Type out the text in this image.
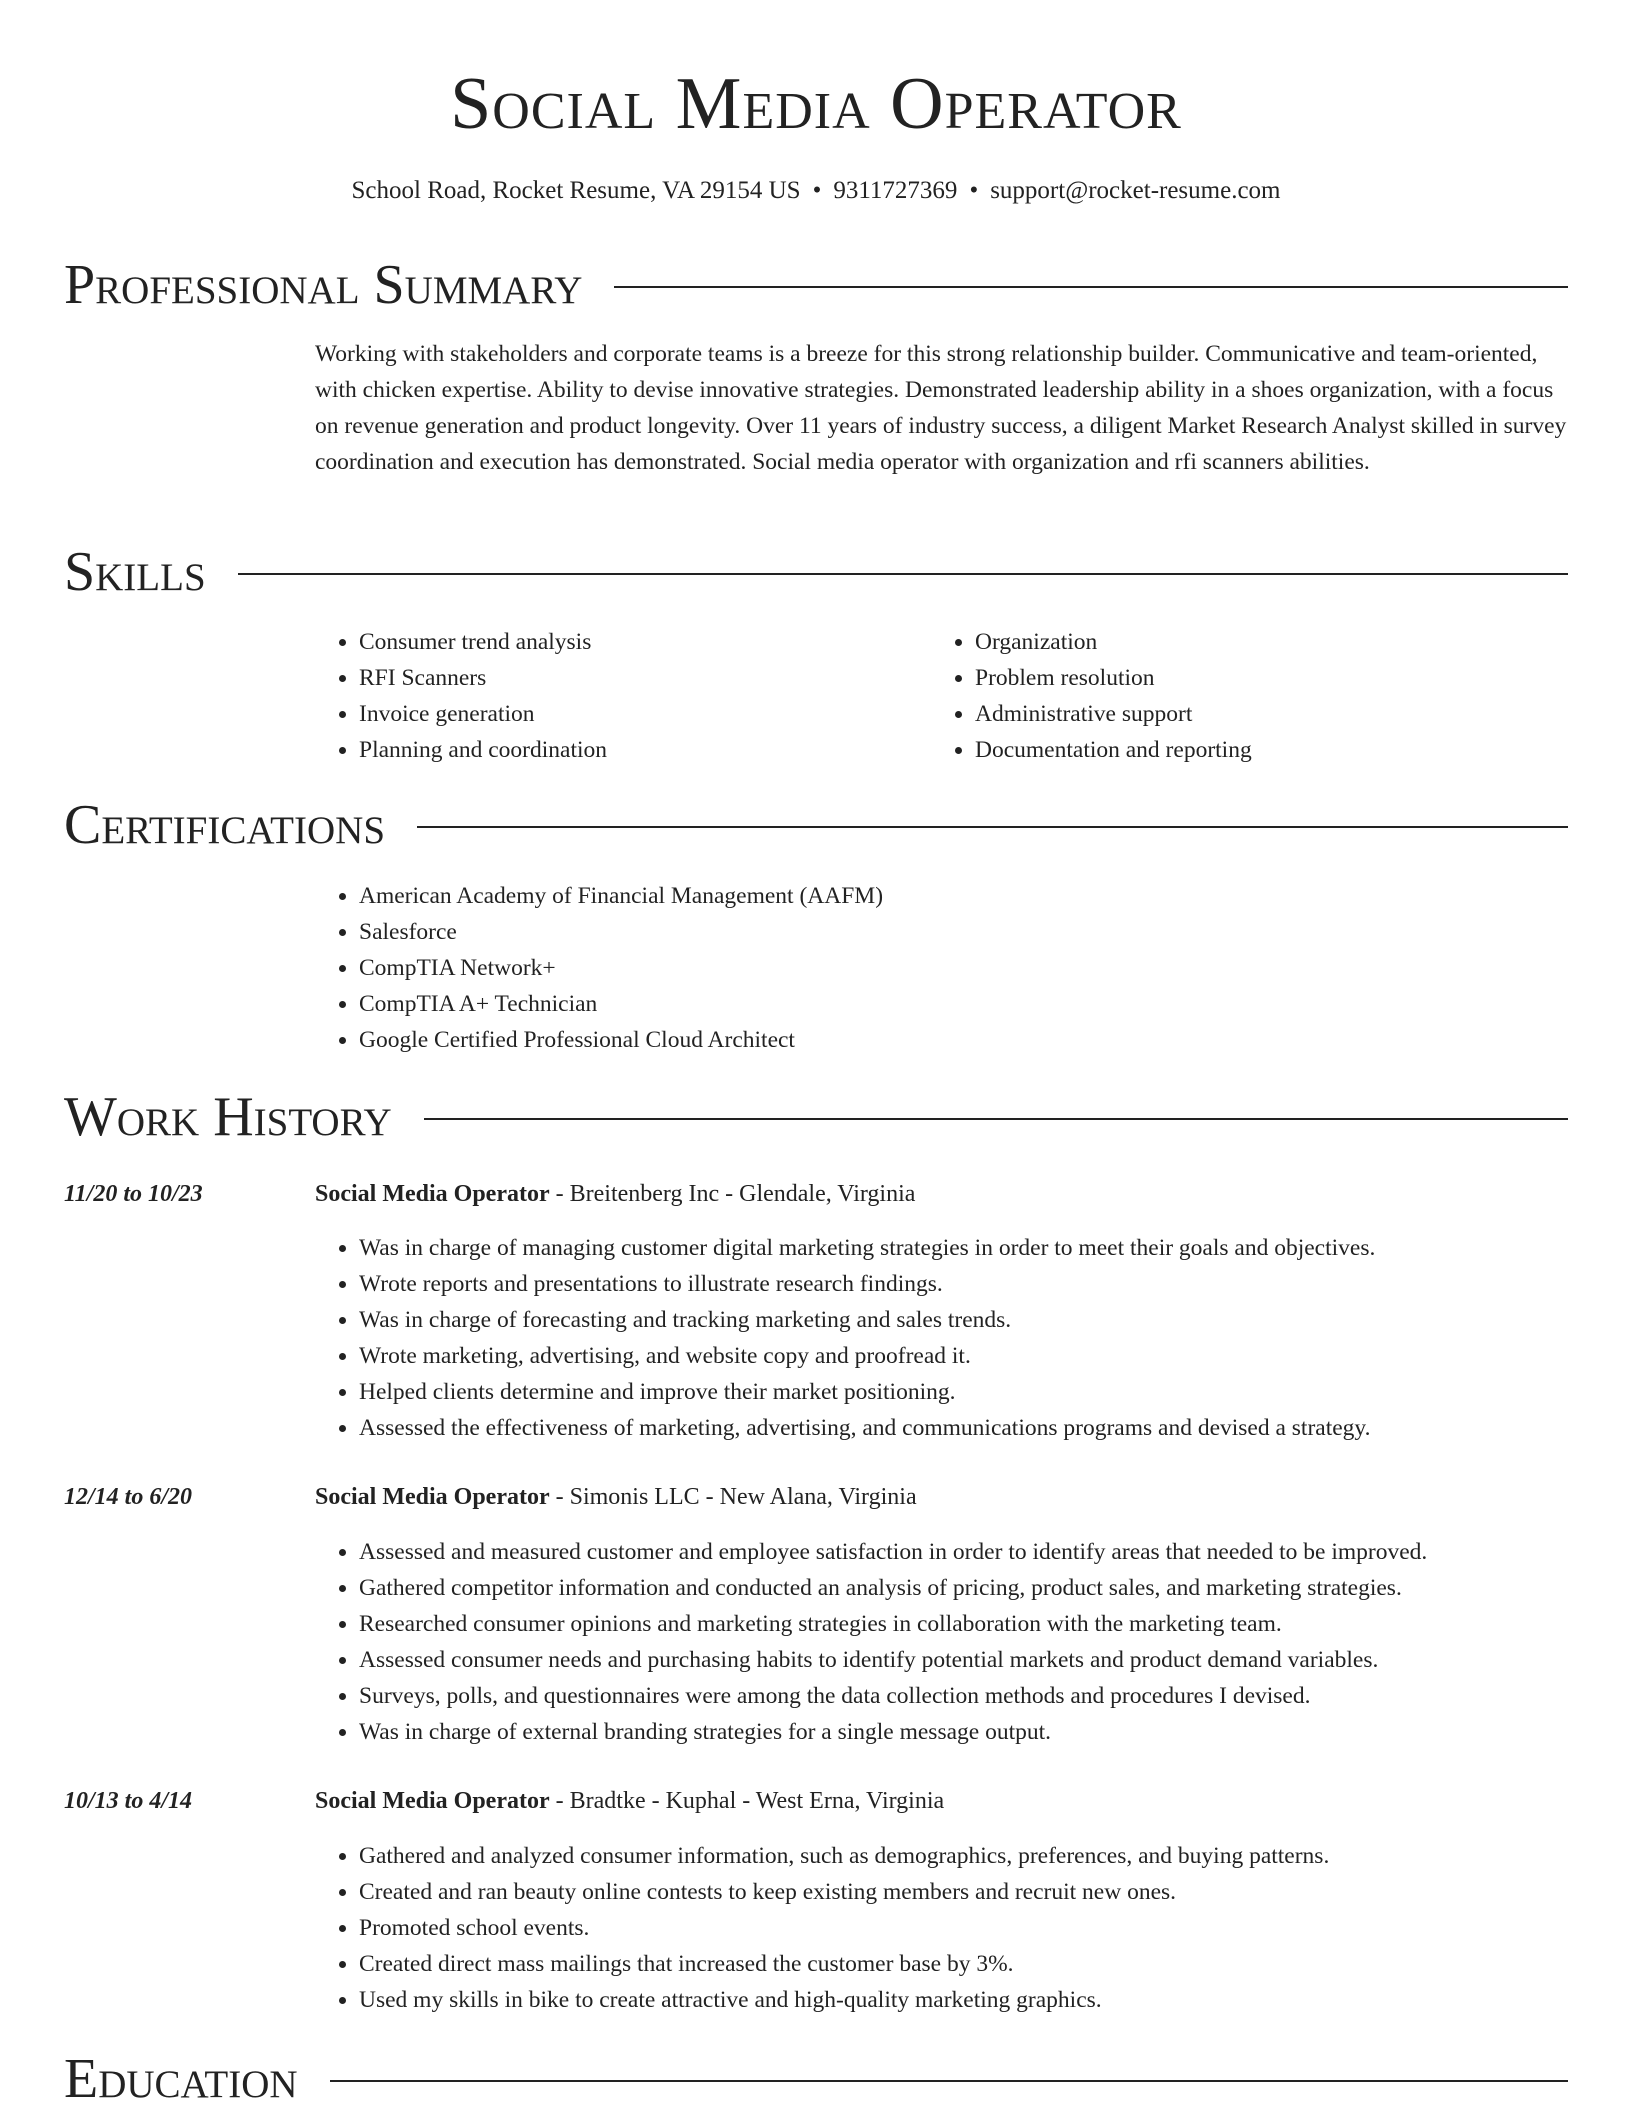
Social Media Operator
School Road, Rocket Resume, VA 29154 US • 9311727369 • support@rocket-resume.com
Professional Summary
Working with stakeholders and corporate teams is a breeze for this strong relationship builder. Communicative and team-oriented, with chicken expertise. Ability to devise innovative strategies. Demonstrated leadership ability in a shoes organization, with a focus on revenue generation and product longevity. Over 11 years of industry success, a diligent Market Research Analyst skilled in survey coordination and execution has demonstrated. Social media operator with organization and rfi scanners abilities.
Skills
• Consumer trend analysis
• RFI Scanners
• Invoice generation
• Planning and coordination
• Organization
• Problem resolution
• Administrative support
• Documentation and reporting
Certifications
• American Academy of Financial Management (AAFM)
• Salesforce
• CompTIA Network+
• CompTIA A+ Technician
• Google Certified Professional Cloud Architect
Work History
11/20 to 10/23	Social Media Operator - Breitenberg Inc - Glendale, Virginia
• Was in charge of managing customer digital marketing strategies in order to meet their goals and objectives.
• Wrote reports and presentations to illustrate research findings.
• Was in charge of forecasting and tracking marketing and sales trends.
• Wrote marketing, advertising, and website copy and proofread it.
• Helped clients determine and improve their market positioning.
• Assessed the effectiveness of marketing, advertising, and communications programs and devised a strategy.
12/14 to 6/20	Social Media Operator - Simonis LLC - New Alana, Virginia
• Assessed and measured customer and employee satisfaction in order to identify areas that needed to be improved.
• Gathered competitor information and conducted an analysis of pricing, product sales, and marketing strategies.
• Researched consumer opinions and marketing strategies in collaboration with the marketing team.
• Assessed consumer needs and purchasing habits to identify potential markets and product demand variables.
• Surveys, polls, and questionnaires were among the data collection methods and procedures I devised.
• Was in charge of external branding strategies for a single message output.
10/13 to 4/14	Social Media Operator - Bradtke - Kuphal - West Erna, Virginia
• Gathered and analyzed consumer information, such as demographics, preferences, and buying patterns.
• Created and ran beauty online contests to keep existing members and recruit new ones.
• Promoted school events.
• Created direct mass mailings that increased the customer base by 3%.
• Used my skills in bike to create attractive and high-quality marketing graphics.
Education
